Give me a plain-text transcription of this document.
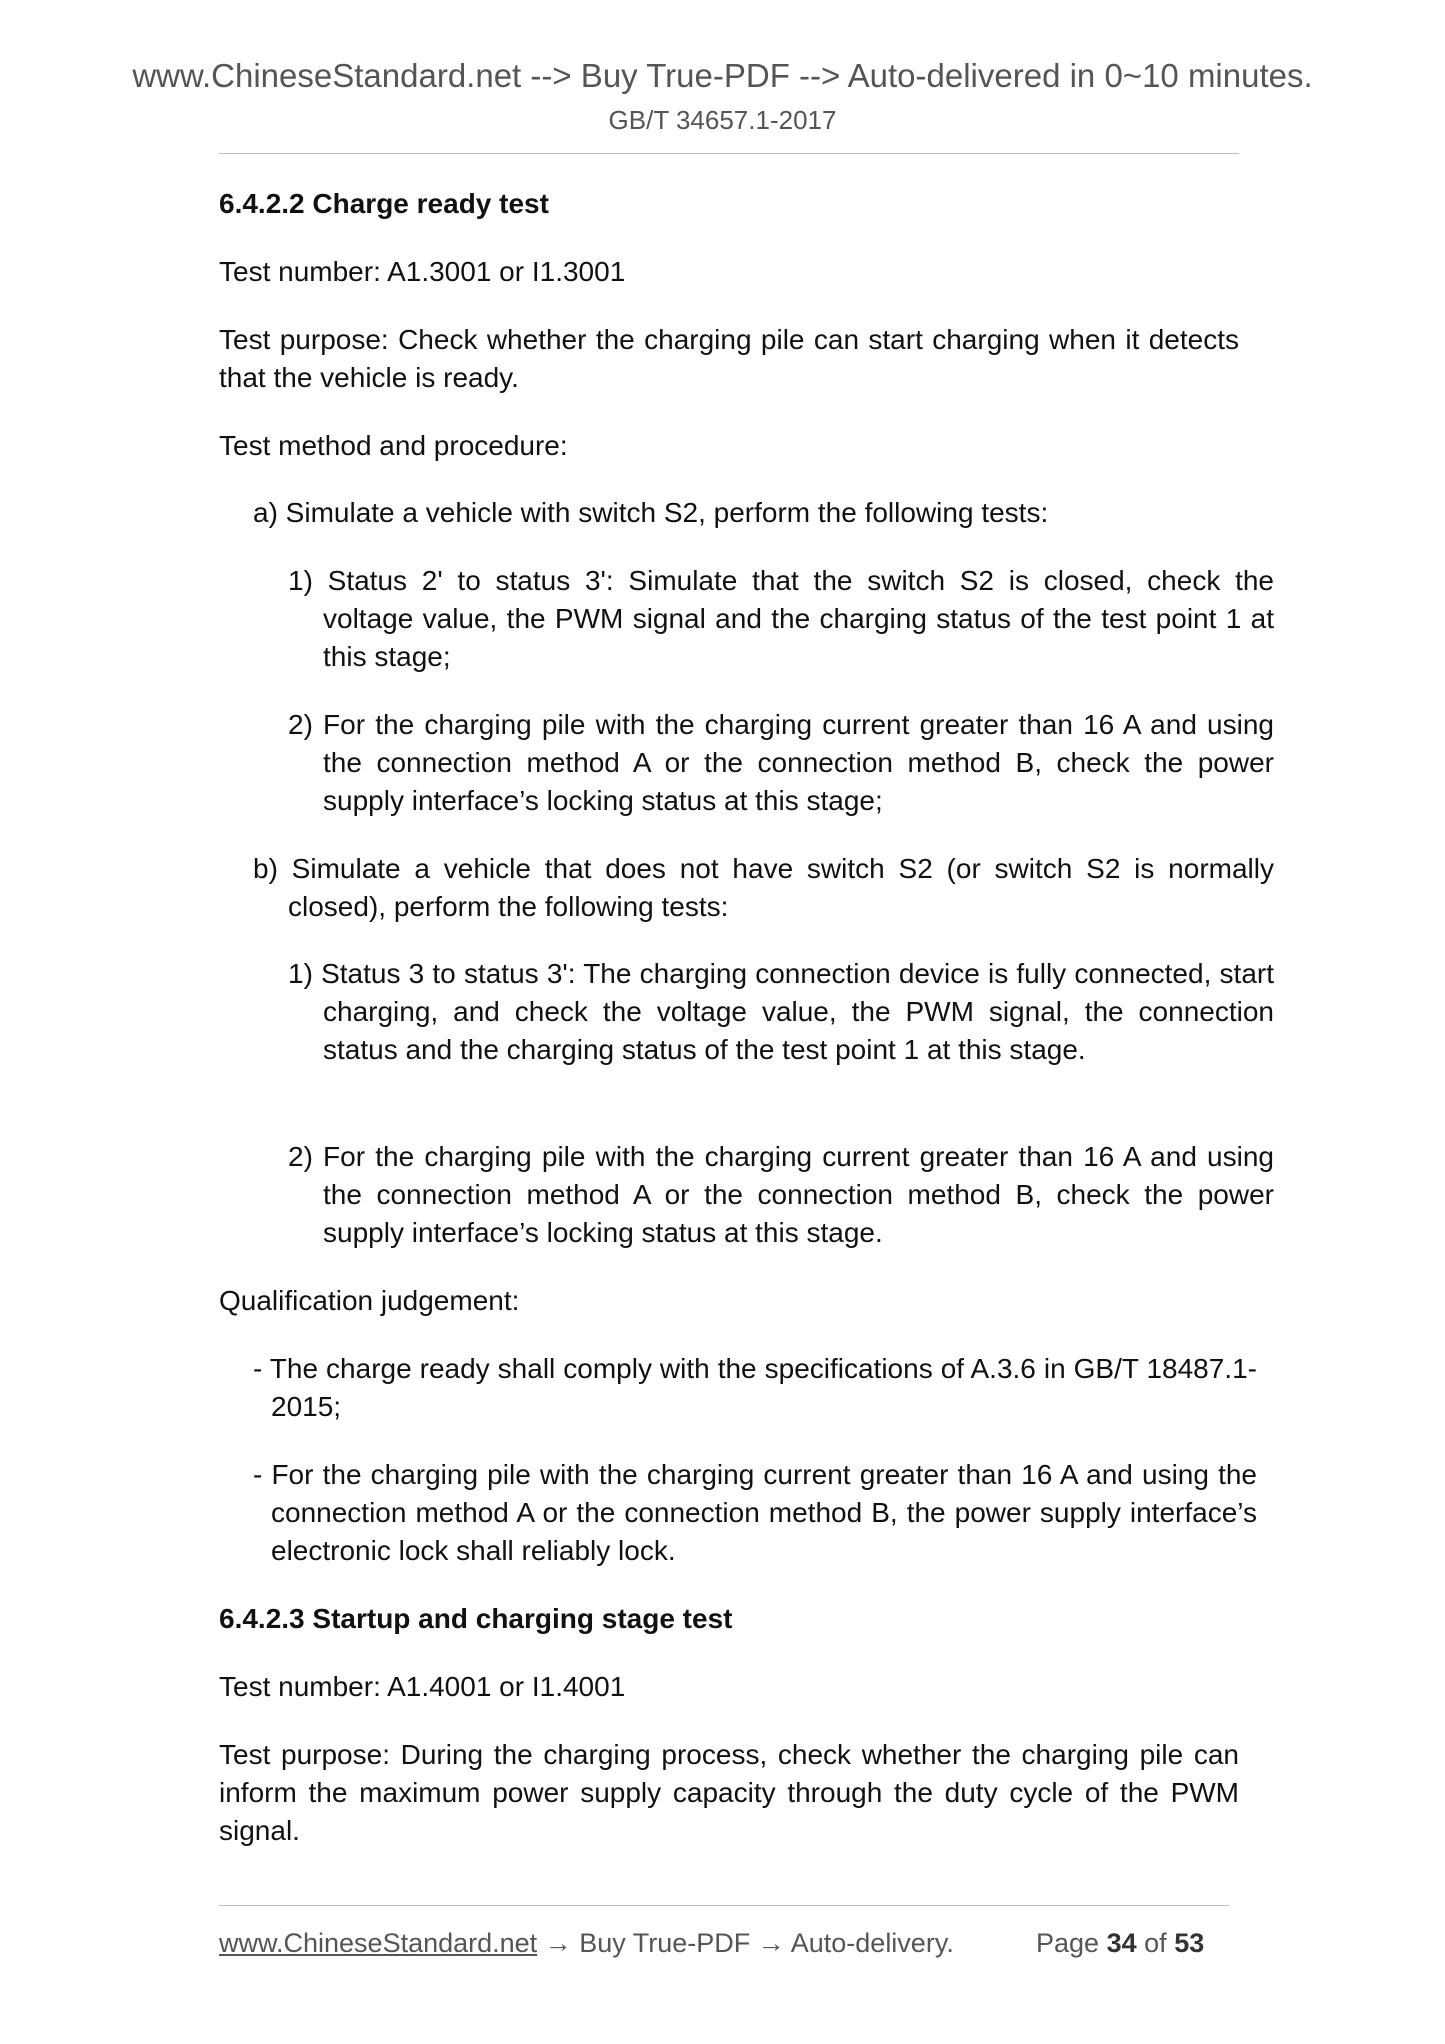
www.ChineseStandard.net --> Buy True-PDF --> Auto-delivered in 0~10 minutes.
GB/T 34657.1-2017

6.4.2.2 Charge ready test

Test number: A1.3001 or I1.3001

Test purpose: Check whether the charging pile can start charging when it detects that the vehicle is ready.

Test method and procedure:

a) Simulate a vehicle with switch S2, perform the following tests:

1) Status 2' to status 3': Simulate that the switch S2 is closed, check the voltage value, the PWM signal and the charging status of the test point 1 at this stage;

2) For the charging pile with the charging current greater than 16 A and using the connection method A or the connection method B, check the power supply interface’s locking status at this stage;

b) Simulate a vehicle that does not have switch S2 (or switch S2 is normally closed), perform the following tests:

1) Status 3 to status 3': The charging connection device is fully connected, start charging, and check the voltage value, the PWM signal, the connection status and the charging status of the test point 1 at this stage.

2) For the charging pile with the charging current greater than 16 A and using the connection method A or the connection method B, check the power supply interface’s locking status at this stage.

Qualification judgement:

- The charge ready shall comply with the specifications of A.3.6 in GB/T 18487.1-2015;

- For the charging pile with the charging current greater than 16 A and using the connection method A or the connection method B, the power supply interface’s electronic lock shall reliably lock.

6.4.2.3 Startup and charging stage test

Test number: A1.4001 or I1.4001

Test purpose: During the charging process, check whether the charging pile can inform the maximum power supply capacity through the duty cycle of the PWM signal.

www.ChineseStandard.net → Buy True-PDF → Auto-delivery.	Page 34 of 53
